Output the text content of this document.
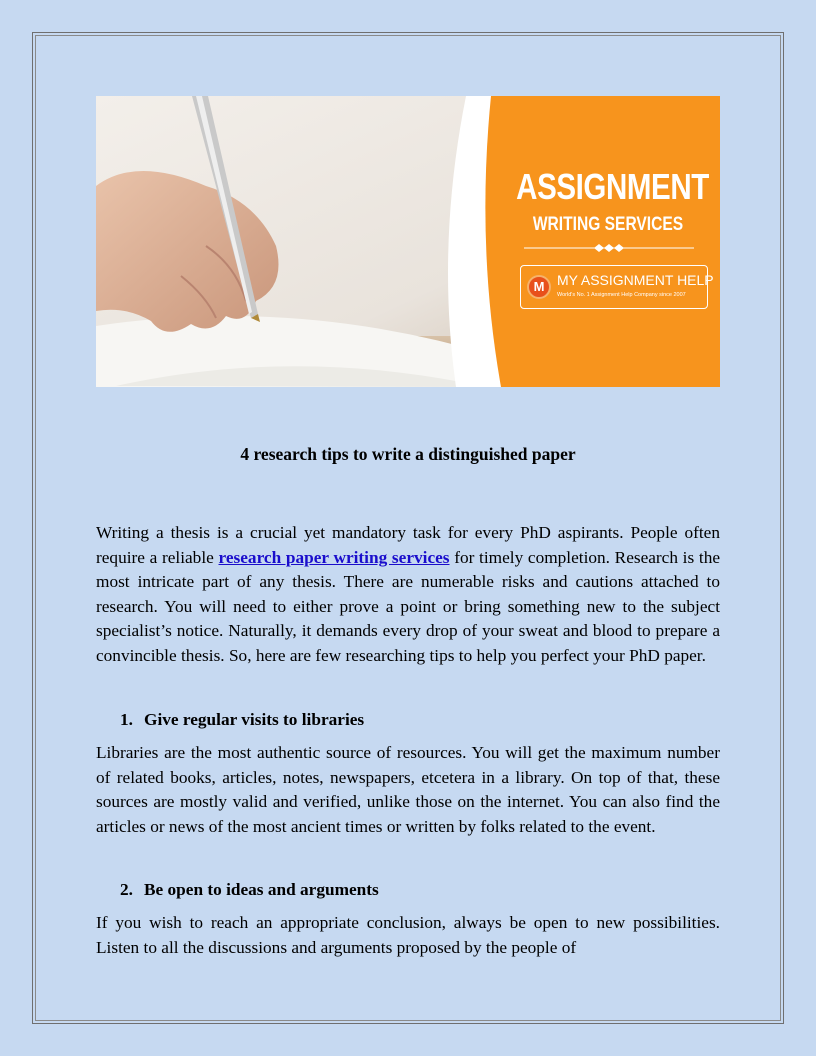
ASSIGNMENT
WRITING SERVICES
M MY ASSIGNMENT HELP
World's No. 1 Assignment Help Company since 2007
4 research tips to write a distinguished paper

Writing a thesis is a crucial yet mandatory task for every PhD aspirants. People often require a reliable research paper writing services for timely completion. Research is the most intricate part of any thesis. There are numerable risks and cautions attached to research. You will need to either prove a point or bring something new to the subject specialist’s notice. Naturally, it demands every drop of your sweat and blood to prepare a convincible thesis. So, here are few researching tips to help you perfect your PhD paper.

1. Give regular visits to libraries

Libraries are the most authentic source of resources. You will get the maximum number of related books, articles, notes, newspapers, etcetera in a library. On top of that, these sources are mostly valid and verified, unlike those on the internet. You can also find the articles or news of the most ancient times or written by folks related to the event.

2. Be open to ideas and arguments

If you wish to reach an appropriate conclusion, always be open to new possibilities. Listen to all the discussions and arguments proposed by the people of
